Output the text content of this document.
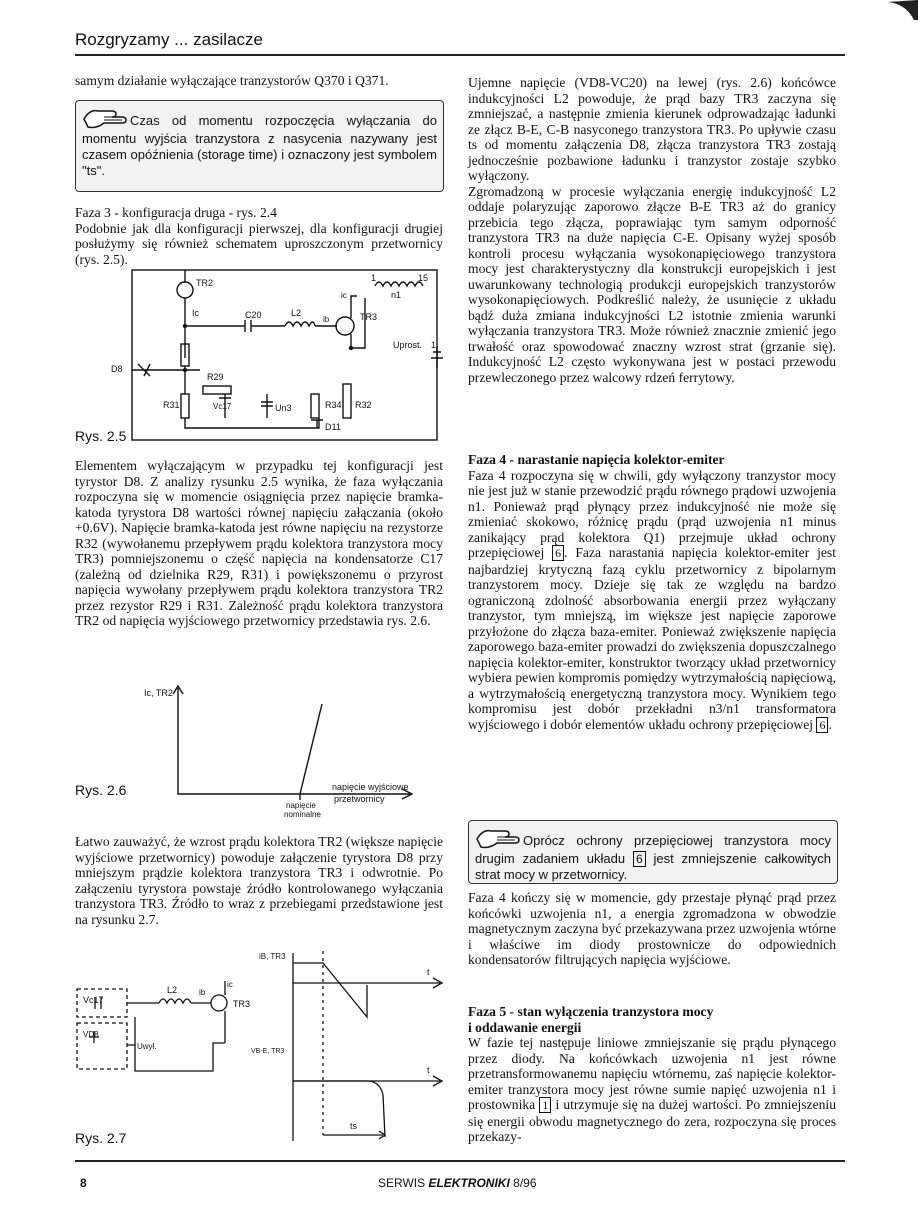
Rozgryzamy ... zasilacze

samym działanie wyłączające tranzystorów Q370 i Q371.

Czas od momentu rozpoczęcia wyłączania do momentu wyjścia tranzystora z nasycenia nazywany jest czasem opóźnienia (storage time) i oznaczony jest symbolem "ts".

Faza 3 - konfiguracja druga - rys. 2.4

Podobnie jak dla konfiguracji pierwszej, dla konfiguracji drugiej posłużymy się również schematem uproszczonym przetwornicy (rys. 2.5).

TR2
Ic	C20	L2
ib	TR3
ic	n1
1	15
Uprost. 1
D8
R29
R31	Vc17	Un3	R34 R32
D11
Rys. 2.5

Elementem wyłączającym w przypadku tej konfiguracji jest tyrystor D8. Z analizy rysunku 2.5 wynika, że faza wyłączania rozpoczyna się w momencie osiągnięcia przez napięcie bramka-katoda tyrystora D8 wartości równej napięciu załączania (około +0.6V). Napięcie bramka-katoda jest równe napięciu na rezystorze R32 (wywołanemu przepływem prądu kolektora tranzystora mocy TR3) pomniejszonemu o część napięcia na kondensatorze C17 (zależną od dzielnika R29, R31) i powiększonemu o przyrost napięcia wywołany przepływem prądu kolektora tranzystora TR2 przez rezystor R29 i R31. Zależność prądu kolektora tranzystora TR2 od napięcia wyjściowego przetwornicy przedstawia rys. 2.6.

Ic, TR2
napięcie wyjściowe
przetwornicy
napięcie
nominalne
Rys. 2.6

Łatwo zauważyć, że wzrost prądu kolektora TR2 (większe napięcie wyjściowe przetwornicy) powoduje załączenie tyrystora D8 przy mniejszym prądzie kolektora tranzystora TR3 i odwrotnie. Po załączeniu tyrystora powstaje źródło kontrolowanego wyłączania tranzystora TR3. Źródło to wraz z przebiegami przedstawione jest na rysunku 2.7.

Vc17
L2
TR3
ic
ib
VD8
Uwył.
iB, TR3
VB-E, TR3
t
t
ts
Rys. 2.7

Ujemne napięcie (VD8-VC20) na lewej (rys. 2.6) końcówce indukcyjności L2 powoduje, że prąd bazy TR3 zaczyna się zmniejszać, a następnie zmienia kierunek odprowadzając ładunki ze złącz B-E, C-B nasyconego tranzystora TR3. Po upływie czasu ts od momentu załączenia D8, złącza tranzystora TR3 zostają jednocześnie pozbawione ładunku i tranzystor zostaje szybko wyłączony.

Zgromadzoną w procesie wyłączania energię indukcyjność L2 oddaje polaryzując zaporowo złącze B-E TR3 aż do granicy przebicia tego złącza, poprawiając tym samym odporność tranzystora TR3 na duże napięcia C-E. Opisany wyżej sposób kontroli procesu wyłączania wysokonapięciowego tranzystora mocy jest charakterystyczny dla konstrukcji europejskich i jest uwarunkowany technologią produkcji europejskich tranzystorów wysokonapięciowych. Podkreślić należy, że usunięcie z układu bądź duża zmiana indukcyjności L2 istotnie zmienia warunki wyłączania tranzystora TR3. Może również znacznie zmienić jego trwałość oraz spowodować znaczny wzrost strat (grzanie się). Indukcyjność L2 często wykonywana jest w postaci przewodu przewleczonego przez walcowy rdzeń ferrytowy.

Faza 4 - narastanie napięcia kolektor-emiter

Faza 4 rozpoczyna się w chwili, gdy wyłączony tranzystor mocy nie jest już w stanie przewodzić prądu równego prądowi uzwojenia n1. Ponieważ prąd płynący przez indukcyjność nie może się zmieniać skokowo, różnicę prądu (prąd uzwojenia n1 minus zanikający prąd kolektora Q1) przejmuje układ ochrony przepięciowej 6 . Faza narastania napięcia kolektor-emiter jest najbardziej krytyczną fazą cyklu przetwornicy z bipolarnym tranzystorem mocy. Dzieje się tak ze względu na bardzo ograniczoną zdolność absorbowania energii przez wyłączany tranzystor, tym mniejszą, im większe jest napięcie zaporowe przyłożone do złącza baza-emiter. Ponieważ zwiększenie napięcia zaporowego baza-emiter prowadzi do zwiększenia dopuszczalnego napięcia kolektor-emiter, konstruktor tworzący układ przetwornicy wybiera pewien kompromis pomiędzy wytrzymałością napięciową, a wytrzymałością energetyczną tranzystora mocy. Wynikiem tego kompromisu jest dobór przekładni n3/n1 transformatora wyjściowego i dobór elementów układu ochrony przepięciowej 6 .

Oprócz ochrony przepięciowej tranzystora mocy drugim zadaniem układu 6 jest zmniejszenie całkowitych strat mocy w przetwornicy.

Faza 4 kończy się w momencie, gdy przestaje płynąć prąd przez końcówki uzwojenia n1, a energia zgromadzona w obwodzie magnetycznym zaczyna być przekazywana przez uzwojenia wtórne i właściwe im diody prostownicze do odpowiednich kondensatorów filtrujących napięcia wyjściowe.

Faza 5 - stan wyłączenia tranzystora mocy

i oddawanie energii

W fazie tej następuje liniowe zmniejszanie się prądu płynącego przez diody. Na końcówkach uzwojenia n1 jest równe przetransformowanemu napięciu wtórnemu, zaś napięcie kolektor-emiter tranzystora mocy jest równe sumie napięć uzwojenia n1 i prostownika 1 i utrzymuje się na dużej wartości. Po zmniejszeniu się energii obwodu magnetycznego do zera, rozpoczyna się proces przekazy-

8	SERWIS ELEKTRONIKI 8/96
